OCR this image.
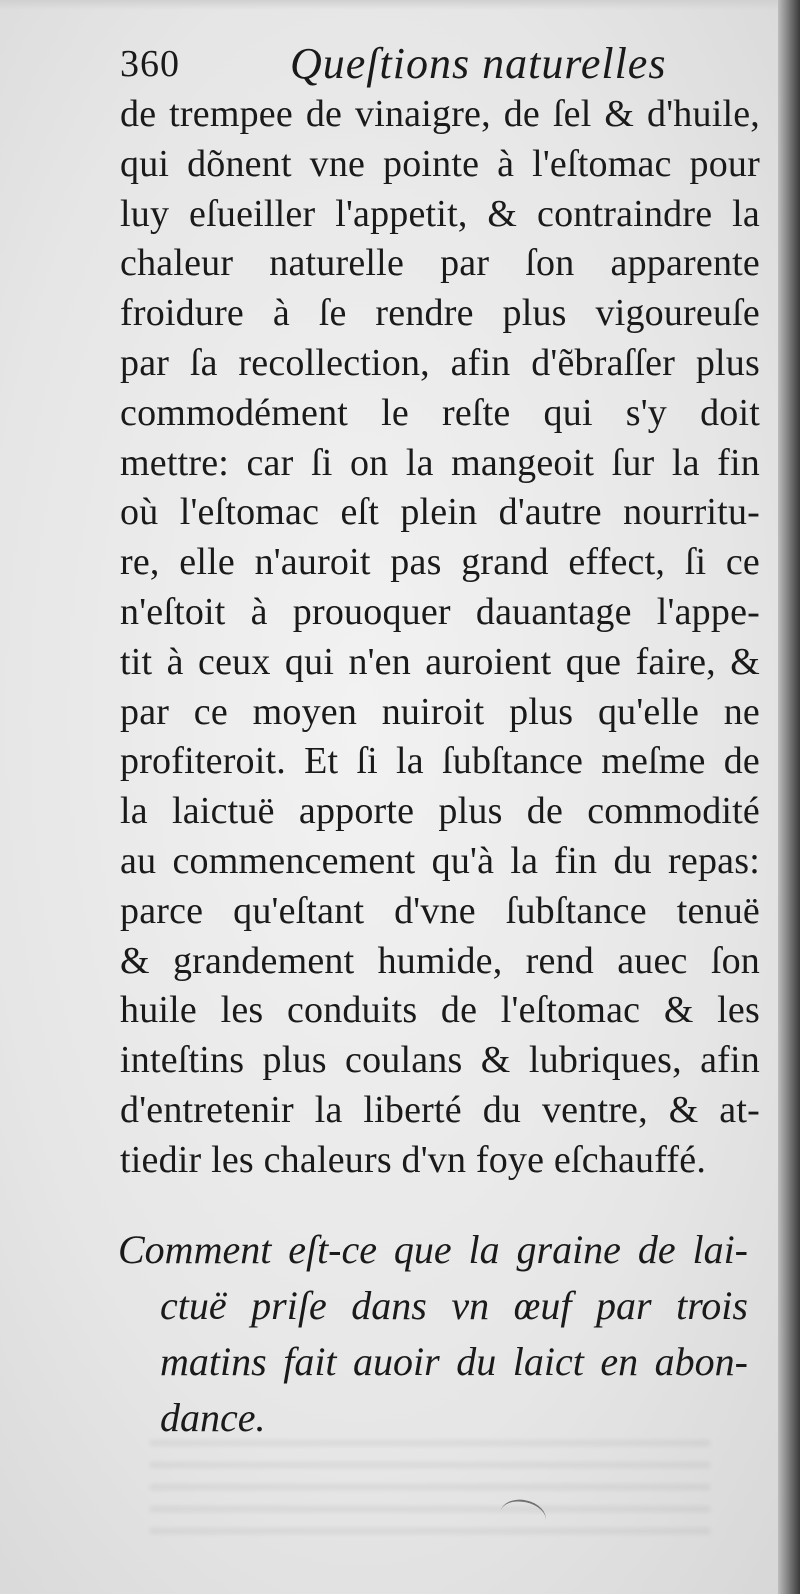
360	Queſtions naturelles
de trempee de vinaigre, de ſel & d'huile,
qui dõnent vne pointe à l'eſtomac pour
luy eſueiller l'appetit, & contraindre la
chaleur naturelle par ſon apparente
froidure à ſe rendre plus vigoureuſe
par ſa recollection, afin d'ẽbraſſer plus
commodément le reſte qui s'y doit
mettre: car ſi on la mangeoit ſur la fin
où l'eſtomac eſt plein d'autre nourritu-
re, elle n'auroit pas grand effect, ſi ce
n'eſtoit à prouoquer dauantage l'appe-
tit à ceux qui n'en auroient que faire, &
par ce moyen nuiroit plus qu'elle ne
profiteroit. Et ſi la ſubſtance meſme de
la laictuë apporte plus de commodité
au commencement qu'à la fin du repas:
parce qu'eſtant d'vne ſubſtance tenuë
& grandement humide, rend auec ſon
huile les conduits de l'eſtomac & les
inteſtins plus coulans & lubriques, afin
d'entretenir la liberté du ventre, & at-
tiedir les chaleurs d'vn foye eſchauffé.
Comment eſt-ce que la graine de lai-
ctuë priſe dans vn œuf par trois
matins fait auoir du laict en abon-
dance.
